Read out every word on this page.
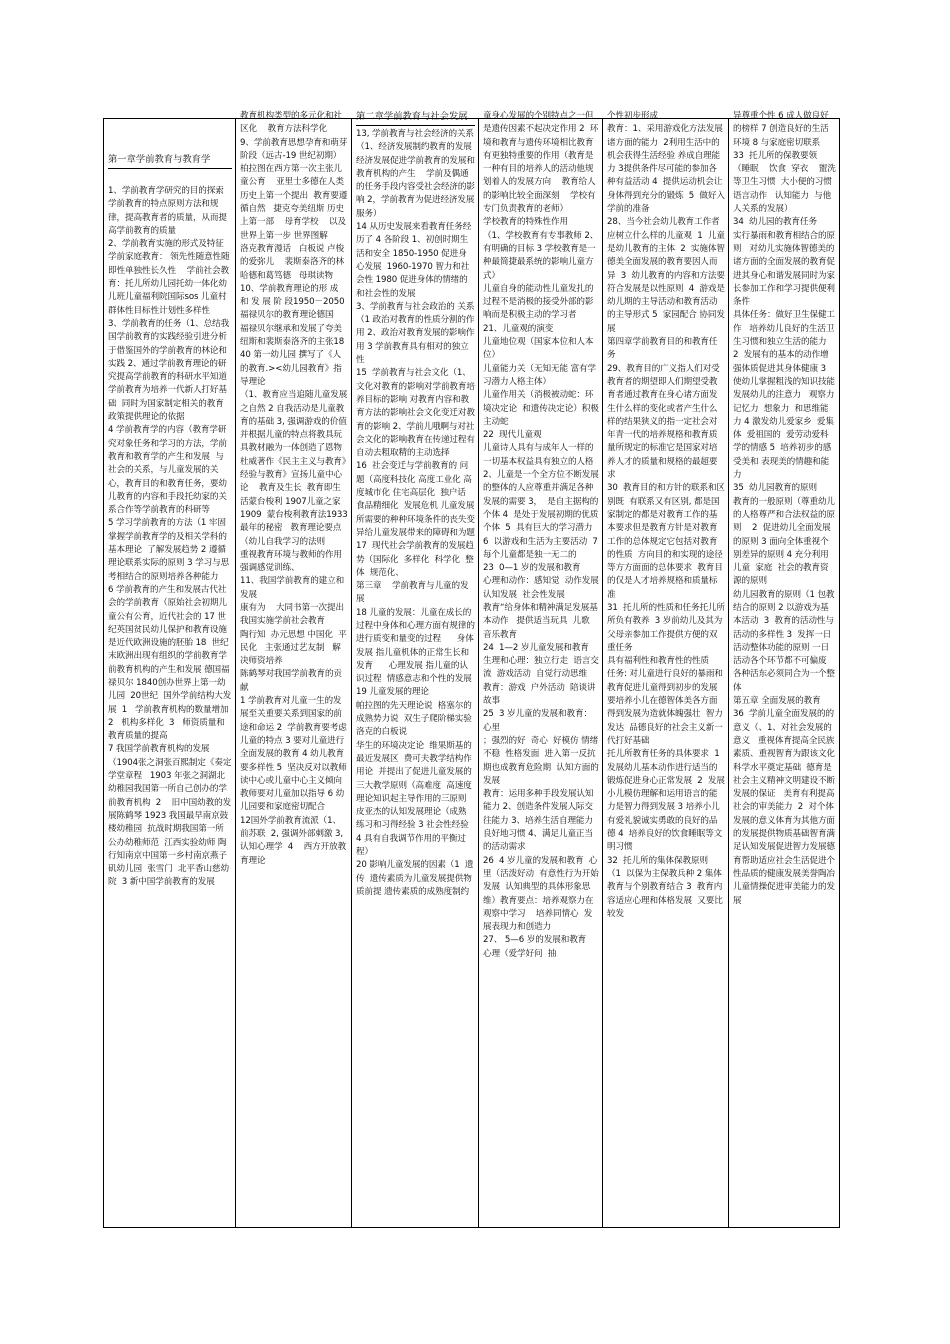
第一章学前教育与教育学

1、学前教育学研究的目的探索学前教育的特点原则方法和规律，提高教育者的质量，从而提高学前教育的质量
2、学前教育实施的形式及特征学前家庭教育： 领先性随意性随即性单独性长久性    学前社会教育：托儿所幼儿园托幼一体化幼儿班儿童福利院国际sos 儿童村群体性目标性计划性多样性
3、学前教育的任务（1、总结我国学前教育的实践经验引进分析于借鉴国外的学前教育的林论和实践 2、通过学前教育理论的研究提高学前教育的科研水平知道学前教育为培养一代新人打好基础  同时为国家制定相关的教育政策提供理论的依据
4 学前教育学的内容（教育学研究对象任务和学习的方法，学前教育和教育学的产生和发展  与社会的关系，与儿童发展的关心，教育目的和教育任务，要幼儿教育的内容和手段托幼家的关系合作等学前教育的科研等
5 学习学前教育的方法（1 牢固掌握学前教育学的及相关学科的基本理论  了解发展趋势 2 遵循理论联系实际的原则 3 学习与思考相结合的原则培养各种能力
6 学前教育的产生和发展古代社会的学前教育（原始社会初期儿童公有公育，近代社会的 17 世纪英国贫民幼儿保护和教育设施  是近代欧洲设施的胚胎 18  世纪末欧洲出现有组织的学前教育学前教育机构的产生和发展 德国福禄贝尔 1840创办世界上第一幼儿园  20世纪  国外学前结构大发展  1   学前教育机构的数量增加   2   机构多样化  3   师资质量和教育质量的提高
7 我国学前教育机构的发展
（1904张之洞张百熙制定《奏定学堂章程   1903 年张之洞湖北幼稚园我国第一所自己创办的学前教育机构  2    旧中国幼教的发展陈鹤琴 1923 我国最早南京鼓楼幼稚园  抗战时期我国第一所公办幼稚师范  江西实验幼师 陶行知南京中国第一乡村南京燕子矶幼儿园  张雪门  北平香山慈幼院  3 新中国学前教育的发展

教育机构类型的多元化和社区化    教育方法科学化
9、学前教育思想孕育和萌芽阶段（远古-19 世纪初期）柏拉图在西方第一次主张儿童公育    亚里士多德在人类历史上第一个提出  教育要遵循自然   捷克夸美纽斯 历史上第一部    母育学校    以及世界上第一步 世界图解      洛克教育漫话   白板说 卢梭的爱弥儿    裴斯泰洛齐的林哈德和葛笃德   母琪读物
10、学前教育理论的形 成 和 发 展 阶 段1950－2050
福禄贝尔的教育理论德国   福禄贝尔继承和发展了夸美纽斯和裴斯泰洛齐的主张1840 第一幼儿园 撰写了《人的教育.><幼儿园教育》指导理论
（1、教育应当追随儿童发展之自然 2 自我活动是儿童教育的基础 3, 强调游戏的价值并根据儿童的特点将教具玩具教材融为一体创造了恩物
杜威著作《民主主义与教育》经验与教育》宣扬儿童中心论    教育及生长  教育即生活蒙台梭利 1907儿童之家 1909  蒙台梭利教育法1933最年的秘密   教育理论要点     （幼儿自我学习的法则
重视教育环境与教师的作用    强调感觉训练、
11、我国学前教育的建立和发展
康有为    大同书第一次提出我国实施学前社会教育
陶行知  办元思想 中国化  平民化   主张通过艺友制   解决师资培养
陈鹤琴对我国学前教育的贡献
1 学前教育对儿童一生的发展至关重要关系到国家的前途和命运 2  学前教育要考虑儿童的特点 3 要对儿童进行全面发展的教育 4 幼儿教育要多样性 5  坚决反对以教师读中心或儿童中心主义倾向教师要对儿童加以指导 6 幼儿园要和家庭密切配合
12国外学前教育流派（1、前苏联  2, 强调外部刺激 3, 认知心理学  4    西方开放教育理论

第二章学前教育与社会发展

13, 学前教育与社会经济的关系（1、经济发展制约教育的发展    经济发展促进学前教育的发展和教育机构的产生    学前及偶通的任务手段内容受社会经济的影响 2，学前教育为促进经济发展服务）
14 从历史发展来看教育任务经历了 4 各阶段 1、初创时期生活和安全 1850-1950 促进身心发展  1960-1970 智力和社会性 1980 促进身体的情绪的和社会性的发展
3、学前教育与社会政治的 关系（1 政治对教育的性质分割的作用 2、政治对教育发展的影响作用 3 学前教育具有相对的独立性
15  学前教育与社会文化（1、文化对教育的影响对学前教育培养目标的影响 对教育内容和教育方法的影响社会文化变迁对教育的影响 2、学前儿哦啊与对社会文化的影响教育在传递过程有自动去粗取精的主动选择
16  社会变迁与学前教育的 问题（高度科技化 高度工业化 高度城市化 住宅高层化  独户话    食品精细化  发展危机 儿童发展所需要的种种环境条件的丧失变异给儿童发展带来的障碍和为题
17  现代社会学前教育的发展趋势（国际化  多样化  科学化  整体  规范化、
第三章    学前教育与儿童的发展
18 儿童的发展：儿童在成长的过程中身体和心理方面有规律的进行质变和量变的过程      身体发展 指儿童机体的正常生长和发育      心理发展 指儿童的认识过程  情感意志和个性的发展
19 儿童发展的理论
帕拉图的先天理论说  格塞尔的成熟势力说  双生子爬阶梯实验
洛克的白板说
华生的环境决定论  维果斯基的最近发展区  费可夫教学结构作用论  并提出了促进儿童发展的三大教学原则（高难度  高速度理论知识起主导作用的三原则
皮亚杰的认知发展理论（成熟  练习和习得经验 3 社会性经验 4 具有自我调节作用的平衡过程）
20 影响儿童发展的因素（1  遗传  遗传素质为儿童发展提供物质前提 遗传素质的成熟度制约

童身心发展的个别特点之一但是遗传因素不起决定作用 2  环境和教育与遗传环境相比教育有更独特重要的作用（教育是一种有目的培养人的活动他规划着人的发展方向    教育给人的影响比较全面深刻    学校有专门负责教育的老师）
学校教育的特殊性作用
（1、学校教育有专事教师 2、有明确的目标 3 学校教育是一种最简捷最系统的影响儿童方式）
儿童自身的能动性儿童发扎的过程不是消极的接受外部的影响而是积极主动的学习者
21、儿童观的演变
儿童地位观（国家本位和人本位）
儿童能力关（无知无能 富有学习潜力人格主体）
儿童作用关（消极被动蛇：环境决定论  和遗传决定论）积极主动蛇
22  现代儿童观
儿童诗人具有与成年人一样的一切基本权益具有独立的人格 2、儿童是一个全方位不断发展的整体的人应尊重并满足各种发展的需要 3，  是自主据构的个体 4  是处于发展初期的优质个体  5  具有巨大的学习潜力  6  以游戏和生活为主要活动  7 每个儿童都是独一无二的
23  0—1 岁的发展和教育
心理和动作：感知觉  动作发展认知发展  社会性发展
教育“给身体和精神满足发展基本动作   提供适当玩具  儿歌  音乐教育
24  1—2 岁儿童发展和教育  生理和心理：独立行走  语言交流  游戏活动  自觉行动思维
教育：游戏  户外活动  陪谈讲故事
25  3 岁儿童的发展和教育：心里
；强烈的好  奇心  好模仿 情绪不稳  性格发面  进入第一反抗期也成教育危险期  认知方面的发展
教育：运用多种手段发展认知能力 2、创造条件发展人际交往能力 3、培养生活自理能力良好地习惯 4、满足儿童正当的活动需求
26  4 岁儿童的发展和教育  心里（活泼好动  有意性行为开始发展  认知典型的具体形象思维）教育要点：培养观察力在观察中学习    培养同情心  发展表现力和创造力
27、 5—6 岁的发展和教育  心理（爱学好问  抽

个性初步形成
教育：1、采用游戏化方法发展诸方面的能力  2利用生活中的机会获得生活经验 养成自理能力 3提供条件尽可能的参加各种有益活动 4  提供运动机会让身体得到充分的锻炼  5  做好入学前的准备
28、当今社会幼儿教育工作者应树立什么样的儿童观  1  儿童是幼儿教育的主体  2  实施体智德美全面发展的教育要因人而异  3  幼儿教育的内容和方法要符合发展是以性原则  4  游戏是幼儿期的主导活动和教育活动的主导形式 5  家园配合 协同发展
第四章学前教育目的和教育任务
29、教育目的广义指人们对受教育者的期望即人们期望受教育者通过教育在身心诸方面发生什么样的变化或者产生什么样的结果狭义的指一定社会对年青一代的培养规格和教育质量所规定的标准它是国家对培养人才的质量和规格的最超要求
30  教育目的和方针的联系和区别既  有联系又有区别, 都是国家制定的都是对教育工作的基本要求但是教育方针是对教育工作的总体规定它包括对教育的性质  方向目的和实现的途径等方方面面的总体要求  教育目的仅是人才培养规格和质量标准
31  托儿所的性质和任务托儿所所负有教养  3 岁前幼儿及其为父母亲参加工作提供方便的双重任务
具有福利性和教育性的性质
任务: 对儿童进行良好的暴雨和教育促进儿童得到初步的发展      要培养小儿在德智体美各方面得到发展为造就体魄强壮  智力发达  品德良好的社会主义新一代打好基础
托儿所教育任务的具体要求  1  发展幼儿基本动作进行适当的锻炼促进身心正常发展  2  发展小儿模仿理解和运用语言的能力是智力得到发展 3 培养小儿有爱礼貌诚实勇敢的良好的品德 4  培养良好的饮食睡眠等文明习惯
32  托儿所的集体保教原则
（1  以保为主保教兵种 2 集体教育与个别教育结合 3  教育内容适应心理和体格发展  又要比较发

异尊重个性 6 成人做良好的榜样 7 创造良好的生活环境 8 与家庭密切联系
33  托儿所的保教要领
（睡眠    饮食  穿衣    盥洗等卫生习惯  大小便的习惯    语言动作   认知能力  与他人关系的发展）
34  幼儿园的教育任务
实行暴雨和教育相结合的原则   对幼儿实施体智德美的诸方面的全面发展的教育促进其身心和谐发展同时为家长参加工作和学习提供便利条件
具体任务：做好卫生保健工作   培养幼儿良好的生活卫生习惯和独立生活的能力  2  发展有的基本的动作增强体质促进其身体健康 3 使幼儿掌握粗浅的知识技能   发展幼儿的注意力   观察力  记忆力  想象力  和思维能力 4 激发幼儿爱家乡  爱集体  爱祖国的  爱劳动爱科学的情感 5  培养初步的感受美和 表现美的情趣和能力
35  幼儿园教育的原则
教育的一般原则（尊重幼儿的人格尊严和合法权益的原则    2  促进幼儿全面发展的原则 3 面向全体重视个别差异的原则 4 充分利用儿童  家庭  社会的教育资源的原则
幼儿园教育的原则（1 包教结合的原则 2 以游戏为基本活动  3  教育的活动性与活动的多样性 3  发挥一日活动整体功能的原则 一日活动各个环节都不可偏废  各种活东必须同合为一个整体
第五章 全面发展的教育
36  学前儿童全面发展的的意义（、1、对社会发展的意义   重视体育提高全民族素质、重视智育为跟该文化科学水平奠定基础  德育是社会主义精神文明建设不断发展的保证   美育有利提高社会的审美能力  2  对个体发展的意义体育为其他方面的发展提供物质基础智育满足认知发展促进智力发展德育帮助适应社会生活促进个性品质的健康发展美誉陶冶儿童情操促进审美能力的发展
